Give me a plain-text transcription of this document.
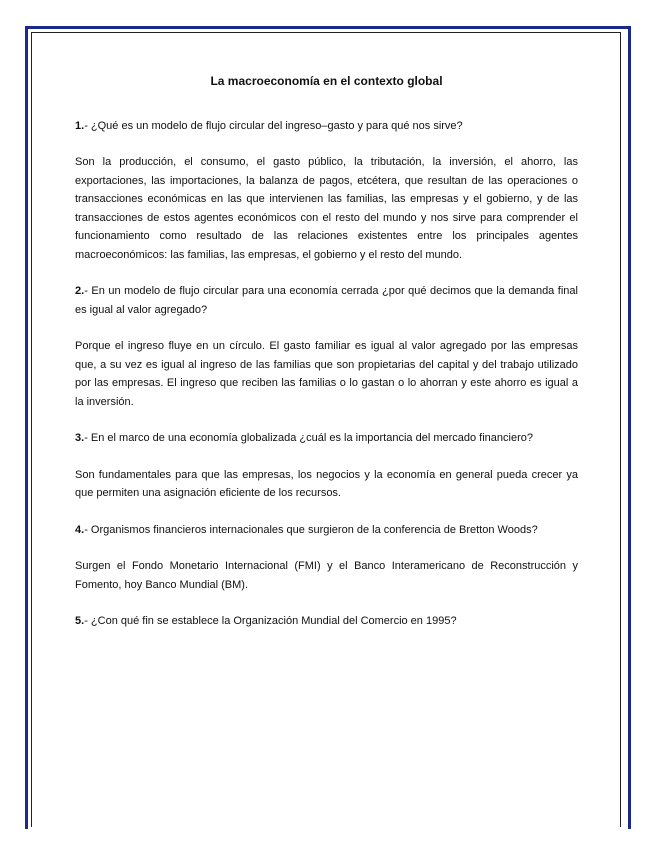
La macroeconomía en el contexto global

1.- ¿Qué es un modelo de flujo circular del ingreso–gasto y para qué nos sirve?

Son la producción, el consumo, el gasto público, la tributación, la inversión, el ahorro, las exportaciones, las importaciones, la balanza de pagos, etcétera, que resultan de las operaciones o transacciones económicas en las que intervienen las familias, las empresas y el gobierno, y de las transacciones de estos agentes económicos con el resto del mundo y nos sirve para comprender el funcionamiento como resultado de las relaciones existentes entre los principales agentes macroeconómicos: las familias, las empresas, el gobierno y el resto del mundo.

2.- En un modelo de flujo circular para una economía cerrada ¿por qué decimos que la demanda final es igual al valor agregado?

Porque el ingreso fluye en un círculo. El gasto familiar es igual al valor agregado por las empresas que, a su vez es igual al ingreso de las familias que son propietarias del capital y del trabajo utilizado por las empresas. El ingreso que reciben las familias o lo gastan o lo ahorran y este ahorro es igual a la inversión.

3.- En el marco de una economía globalizada ¿cuál es la importancia del mercado financiero?

Son fundamentales para que las empresas, los negocios y la economía en general pueda crecer ya que permiten una asignación eficiente de los recursos.

4.- Organismos financieros internacionales que surgieron de la conferencia de Bretton Woods?

Surgen el Fondo Monetario Internacional (FMI) y el Banco Interamericano de Reconstrucción y Fomento, hoy Banco Mundial (BM).

5.- ¿Con qué fin se establece la Organización Mundial del Comercio en 1995?
